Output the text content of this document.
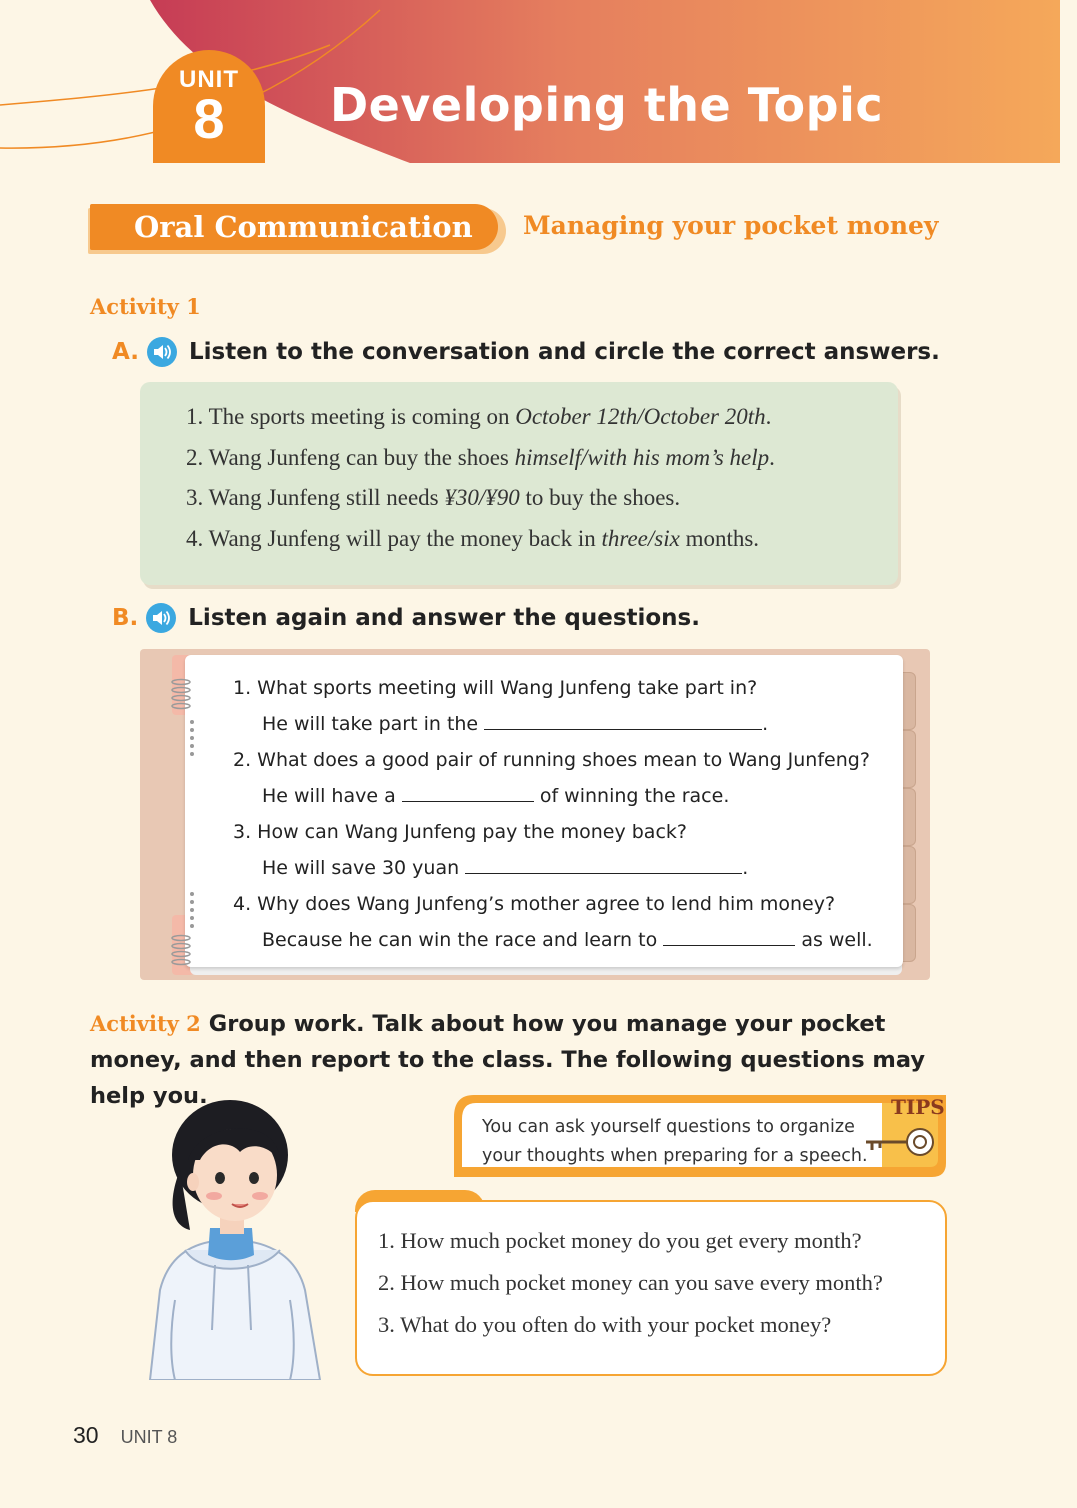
UNIT
8	Developing the Topic
Oral Communication	Managing your pocket money
Activity 1
A. Listen to the conversation and circle the correct answers.
1. The sports meeting is coming on October 12th/October 20th.
2. Wang Junfeng can buy the shoes himself/with his mom’s help.
3. Wang Junfeng still needs ¥30/¥90 to buy the shoes.
4. Wang Junfeng will pay the money back in three/six months.
B. Listen again and answer the questions.
1. What sports meeting will Wang Junfeng take part in?
He will take part in the	.
2. What does a good pair of running shoes mean to Wang Junfeng?
He will have a	of winning the race.
3. How can Wang Junfeng pay the money back?
He will save 30 yuan	.
4. Why does Wang Junfeng’s mother agree to lend him money?
Because he can win the race and learn to	as well.
Activity 2 Group work. Talk about how you manage your pocket money, and then report to the class. The following questions may help you.	TIPS
You can ask yourself questions to organize your thoughts when preparing for a speech.
1. How much pocket money do you get every month?
2. How much pocket money can you save every month?
3. What do you often do with your pocket money?
30 UNIT 8
